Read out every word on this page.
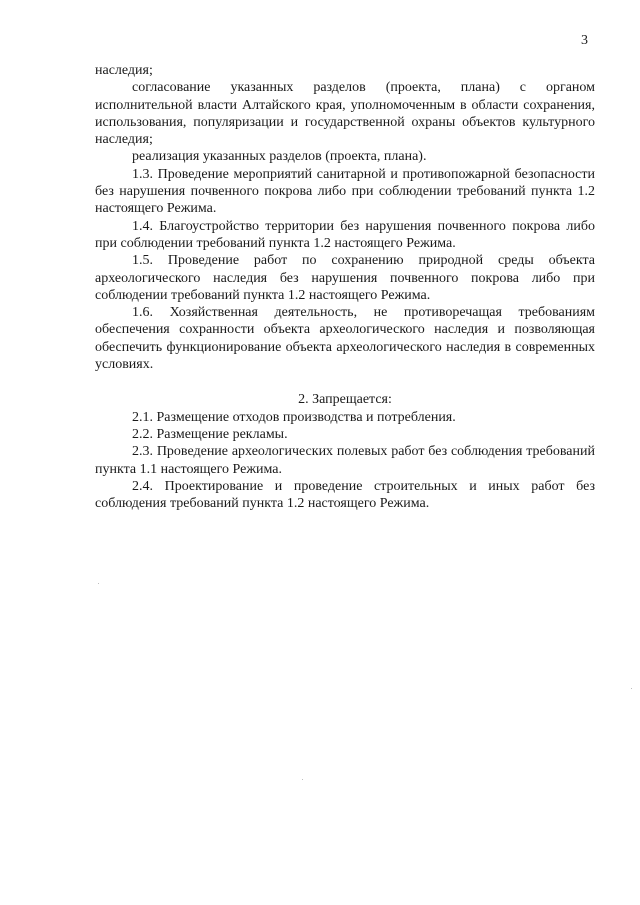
3

наследия;

согласование указанных разделов (проекта, плана) с органом исполнительной власти Алтайского края, уполномоченным в области сохранения, использования, популяризации и государственной охраны объектов культурного наследия;

реализация указанных разделов (проекта, плана).

1.3. Проведение мероприятий санитарной и противопожарной безопасности без нарушения почвенного покрова либо при соблюдении требований пункта 1.2 настоящего Режима.

1.4. Благоустройство территории без нарушения почвенного покрова либо при соблюдении требований пункта 1.2 настоящего Режима.

1.5. Проведение работ по сохранению природной среды объекта археологического наследия без нарушения почвенного покрова либо при соблюдении требований пункта 1.2 настоящего Режима.

1.6. Хозяйственная деятельность, не противоречащая требованиям обеспечения сохранности объекта археологического наследия и позволяющая обеспечить функционирование объекта археологического наследия в современных условиях.

2. Запрещается:

2.1. Размещение отходов производства и потребления.

2.2. Размещение рекламы.

2.3. Проведение археологических полевых работ без соблюдения требований пункта 1.1 настоящего Режима.

2.4. Проектирование и проведение строительных и иных работ без соблюдения требований пункта 1.2 настоящего Режима.
